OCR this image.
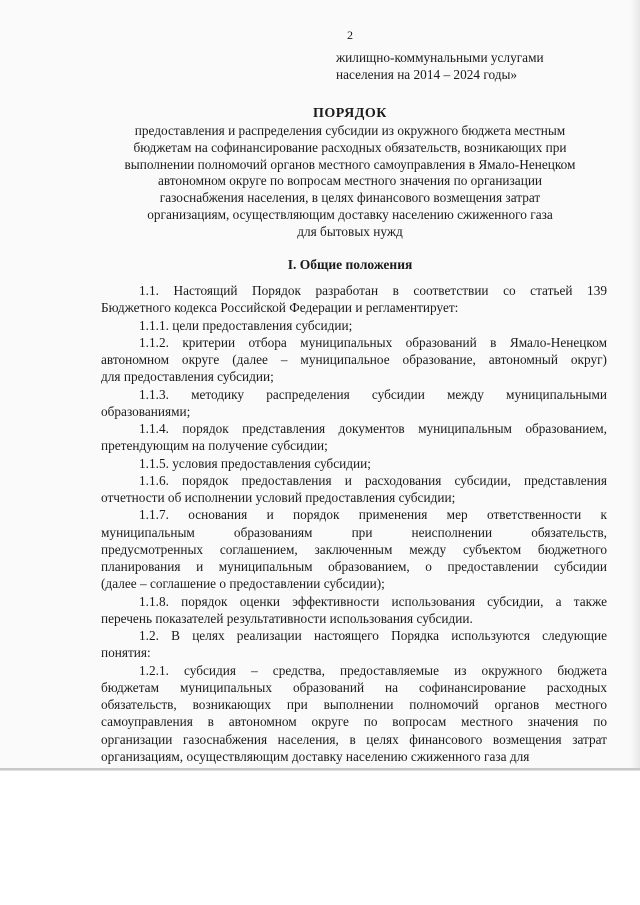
2
жилищно-коммунальными услугами
населения на 2014 – 2024 годы»
ПОРЯДОК
предоставления и распределения субсидии из окружного бюджета местным
бюджетам на софинансирование расходных обязательств, возникающих при
выполнении полномочий органов местного самоуправления в Ямало-Ненецком
автономном округе по вопросам местного значения по организации
газоснабжения населения, в целях финансового возмещения затрат
организациям, осуществляющим доставку населению сжиженного газа
для бытовых нужд
I. Общие положения
1.1. Настоящий Порядок разработан в соответствии со статьей 139
Бюджетного кодекса Российской Федерации и регламентирует:
1.1.1. цели предоставления субсидии;
1.1.2. критерии отбора муниципальных образований в Ямало-Ненецком
автономном округе (далее – муниципальное образование, автономный округ)
для предоставления субсидии;
1.1.3. методику распределения субсидии между муниципальными
образованиями;
1.1.4. порядок представления документов муниципальным образованием,
претендующим на получение субсидии;
1.1.5. условия предоставления субсидии;
1.1.6. порядок предоставления и расходования субсидии, представления
отчетности об исполнении условий предоставления субсидии;
1.1.7. основания и порядок применения мер ответственности к
муниципальным образованиям при неисполнении обязательств,
предусмотренных соглашением, заключенным между субъектом бюджетного
планирования и муниципальным образованием, о предоставлении субсидии
(далее – соглашение о предоставлении субсидии);
1.1.8. порядок оценки эффективности использования субсидии, а также
перечень показателей результативности использования субсидии.
1.2. В целях реализации настоящего Порядка используются следующие
понятия:
1.2.1. субсидия – средства, предоставляемые из окружного бюджета
бюджетам муниципальных образований на софинансирование расходных
обязательств, возникающих при выполнении полномочий органов местного
самоуправления в автономном округе по вопросам местного значения по
организации газоснабжения населения, в целях финансового возмещения затрат
организациям, осуществляющим доставку населению сжиженного газа для
